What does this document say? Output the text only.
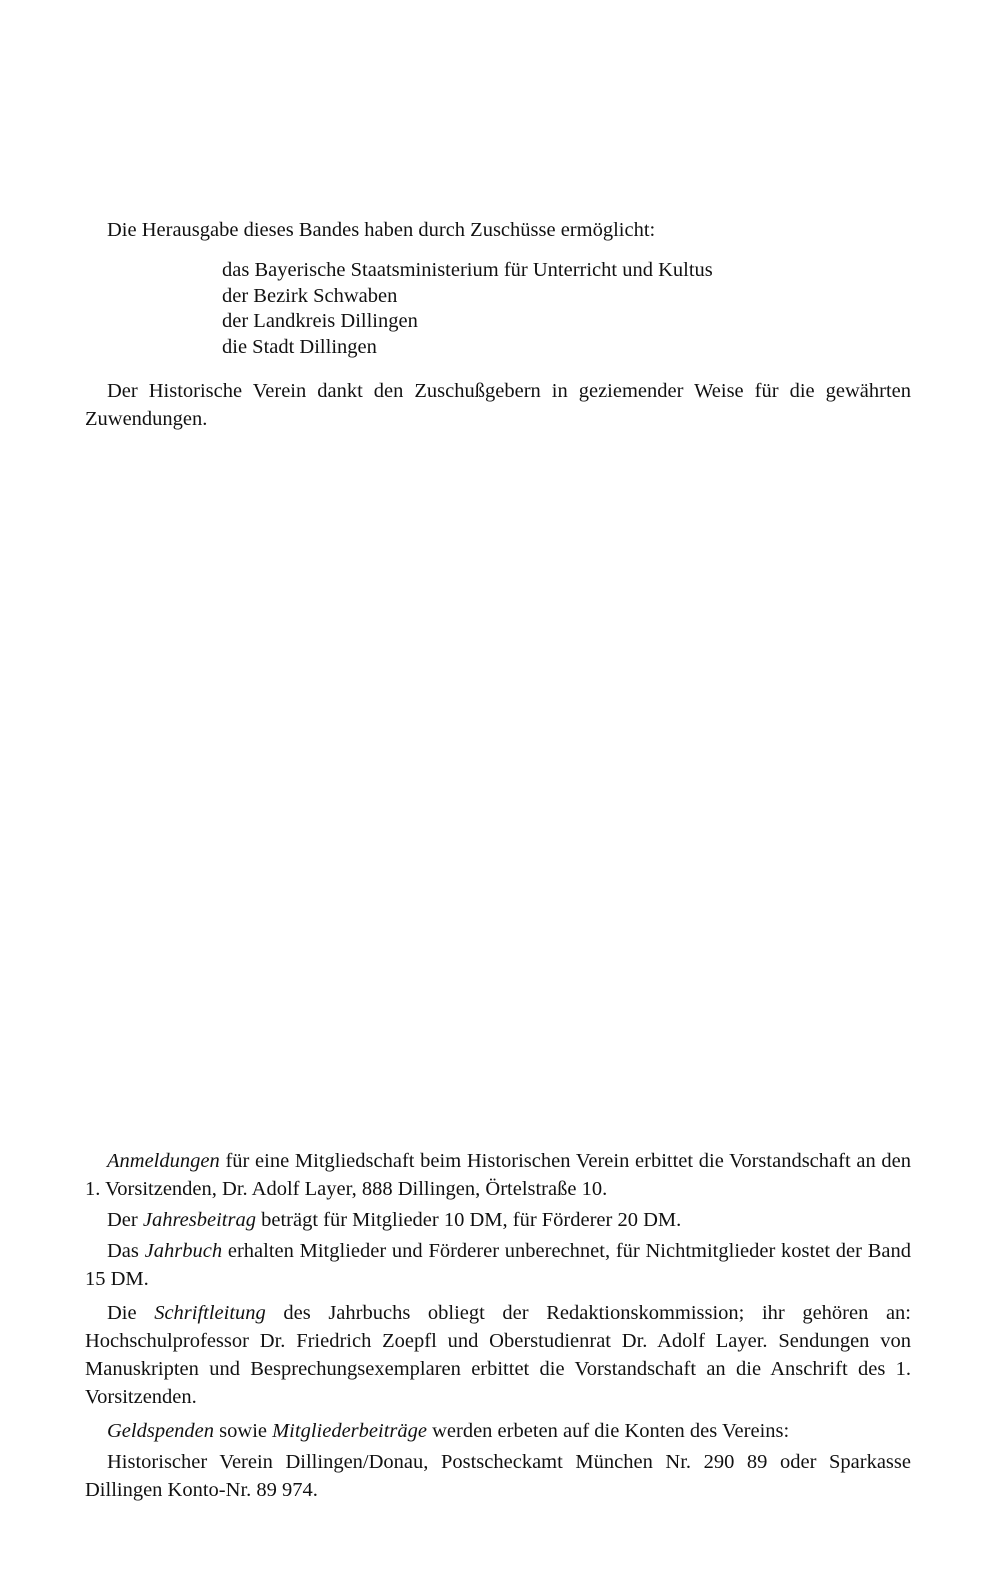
Die Herausgabe dieses Bandes haben durch Zuschüsse ermöglicht:

das Bayerische Staatsministerium für Unterricht und Kultus
der Bezirk Schwaben
der Landkreis Dillingen
die Stadt Dillingen

Der Historische Verein dankt den Zuschußgebern in geziemender Weise für die gewährten Zuwendungen.

Anmeldungen für eine Mitgliedschaft beim Historischen Verein erbittet die Vorstandschaft an den 1. Vorsitzenden, Dr. Adolf Layer, 888 Dillingen, Örtelstraße 10.

Der Jahresbeitrag beträgt für Mitglieder 10 DM, für Förderer 20 DM.

Das Jahrbuch erhalten Mitglieder und Förderer unberechnet, für Nichtmitglieder kostet der Band 15 DM.

Die Schriftleitung des Jahrbuchs obliegt der Redaktionskommission; ihr gehören an: Hochschulprofessor Dr. Friedrich Zoepfl und Oberstudienrat Dr. Adolf Layer. Sendungen von Manuskripten und Besprechungsexemplaren erbittet die Vorstandschaft an die Anschrift des 1. Vorsitzenden.

Geldspenden sowie Mitgliederbeiträge werden erbeten auf die Konten des Vereins:

Historischer Verein Dillingen/Donau, Postscheckamt München Nr. 290 89 oder Sparkasse Dillingen Konto-Nr. 89 974.
